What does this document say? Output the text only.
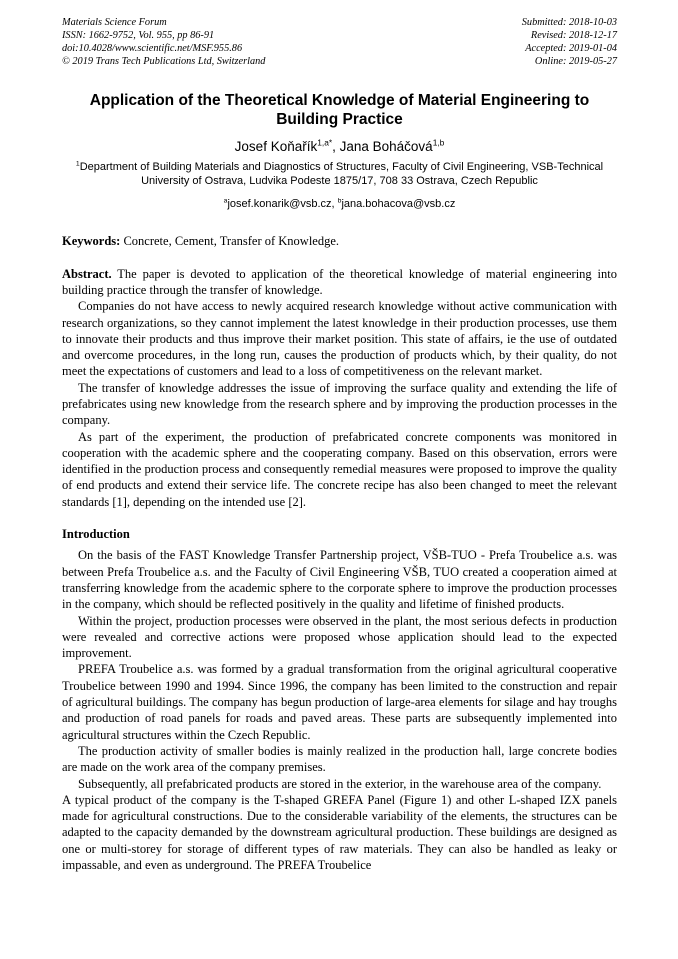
Materials Science Forum

ISSN: 1662-9752, Vol. 955, pp 86-91

doi:10.4028/www.scientific.net/MSF.955.86

© 2019 Trans Tech Publications Ltd, Switzerland

Submitted: 2018-10-03

Revised: 2018-12-17

Accepted: 2019-01-04

Online: 2019-05-27

Application of the Theoretical Knowledge of Material Engineering to Building Practice
Josef Koňařík$^{1,a*}$, Jana Boháčová$^{1,b}$
$^1$Department of Building Materials and Diagnostics of Structures, Faculty of Civil Engineering, VSB-Technical University of Ostrava, Ludvika Podeste 1875/17, 708 33 Ostrava, Czech Republic
$^a$josef.konarik@vsb.cz, $^b$jana.bohacova@vsb.cz

Keywords: Concrete, Cement, Transfer of Knowledge.

Abstract. The paper is devoted to application of the theoretical knowledge of material engineering into building practice through the transfer of knowledge.

Companies do not have access to newly acquired research knowledge without active communication with research organizations, so they cannot implement the latest knowledge in their production processes, use them to innovate their products and thus improve their market position. This state of affairs, ie the use of outdated and overcome procedures, in the long run, causes the production of products which, by their quality, do not meet the expectations of customers and lead to a loss of competitiveness on the relevant market.

The transfer of knowledge addresses the issue of improving the surface quality and extending the life of prefabricates using new knowledge from the research sphere and by improving the production processes in the company.

As part of the experiment, the production of prefabricated concrete components was monitored in cooperation with the academic sphere and the cooperating company. Based on this observation, errors were identified in the production process and consequently remedial measures were proposed to improve the quality of end products and extend their service life. The concrete recipe has also been changed to meet the relevant standards [1], depending on the intended use [2].

Introduction

On the basis of the FAST Knowledge Transfer Partnership project, VŠB-TUO - Prefa Troubelice a.s. was between Prefa Troubelice a.s. and the Faculty of Civil Engineering VŠB, TUO created a cooperation aimed at transferring knowledge from the academic sphere to the corporate sphere to improve the production processes in the company, which should be reflected positively in the quality and lifetime of finished products.

Within the project, production processes were observed in the plant, the most serious defects in production were revealed and corrective actions were proposed whose application should lead to the expected improvement.

PREFA Troubelice a.s. was formed by a gradual transformation from the original agricultural cooperative Troubelice between 1990 and 1994. Since 1996, the company has been limited to the construction and repair of agricultural buildings. The company has begun production of large-area elements for silage and hay troughs and production of road panels for roads and paved areas. These parts are subsequently implemented into agricultural structures within the Czech Republic.

The production activity of smaller bodies is mainly realized in the production hall, large concrete bodies are made on the work area of the company premises.

Subsequently, all prefabricated products are stored in the exterior, in the warehouse area of the company.

A typical product of the company is the T-shaped GREFA Panel (Figure 1) and other L-shaped IZX panels made for agricultural constructions. Due to the considerable variability of the elements, the structures can be adapted to the capacity demanded by the downstream agricultural production. These buildings are designed as one or multi-storey for storage of different types of raw materials. They can also be handled as leaky or impassable, and even as underground. The PREFA Troubelice
